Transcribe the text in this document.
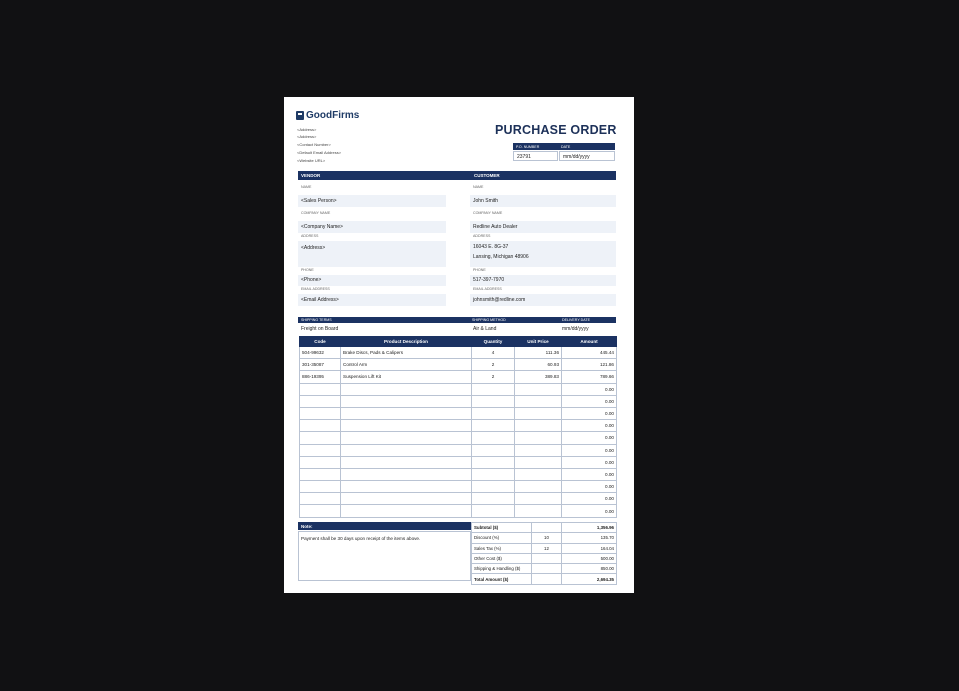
GoodFirms
<Address>
<Address>
<Contact Number>
<Default Email Address>
<Website URL>
PURCHASE ORDER
P.O. NUMBER	DATE
23791	mm/dd/yyyy
VENDOR	CUSTOMER
NAME
<Sales Person>
COMPANY NAME
<Company Name>
ADDRESS
<Address>
PHONE
<Phone>
EMAIL ADDRESS
<Email Address>
NAME
John Smith
COMPANY NAME
Redline Auto Dealer
ADDRESS
16043 E. 8G-37
Lansing, Michigan 48906
PHONE
517-397-7970
EMAIL ADDRESS
johnsmith@redline.com
SHIPPING TERMS	SHIPPING METHOD	DELIVERY DATE
Freight on Board	Air & Land	mm/dd/yyyy
Code	Product Description	Quantity	Unit Price	Amount
504-99632	Brake Discs, Pads & Calipers	4	111.36	445.44
301-35087	Control Arm	2	60.93	121.86
886-19395	Suspension Lift Kit	2	389.83	789.66
				0.00
				0.00
				0.00
				0.00
				0.00
				0.00
				0.00
				0.00
				0.00
				0.00
				0.00
Note:
Payment shall be 30 days upon receipt of the items above.
Subtotal ($)		1,356.96
Discount (%)	10	135.70
Sales Tax (%)	12	164.04
Other Cost ($)		500.00
Shipping & Handling ($)		850.00
Total Amount ($)		2,694.35
